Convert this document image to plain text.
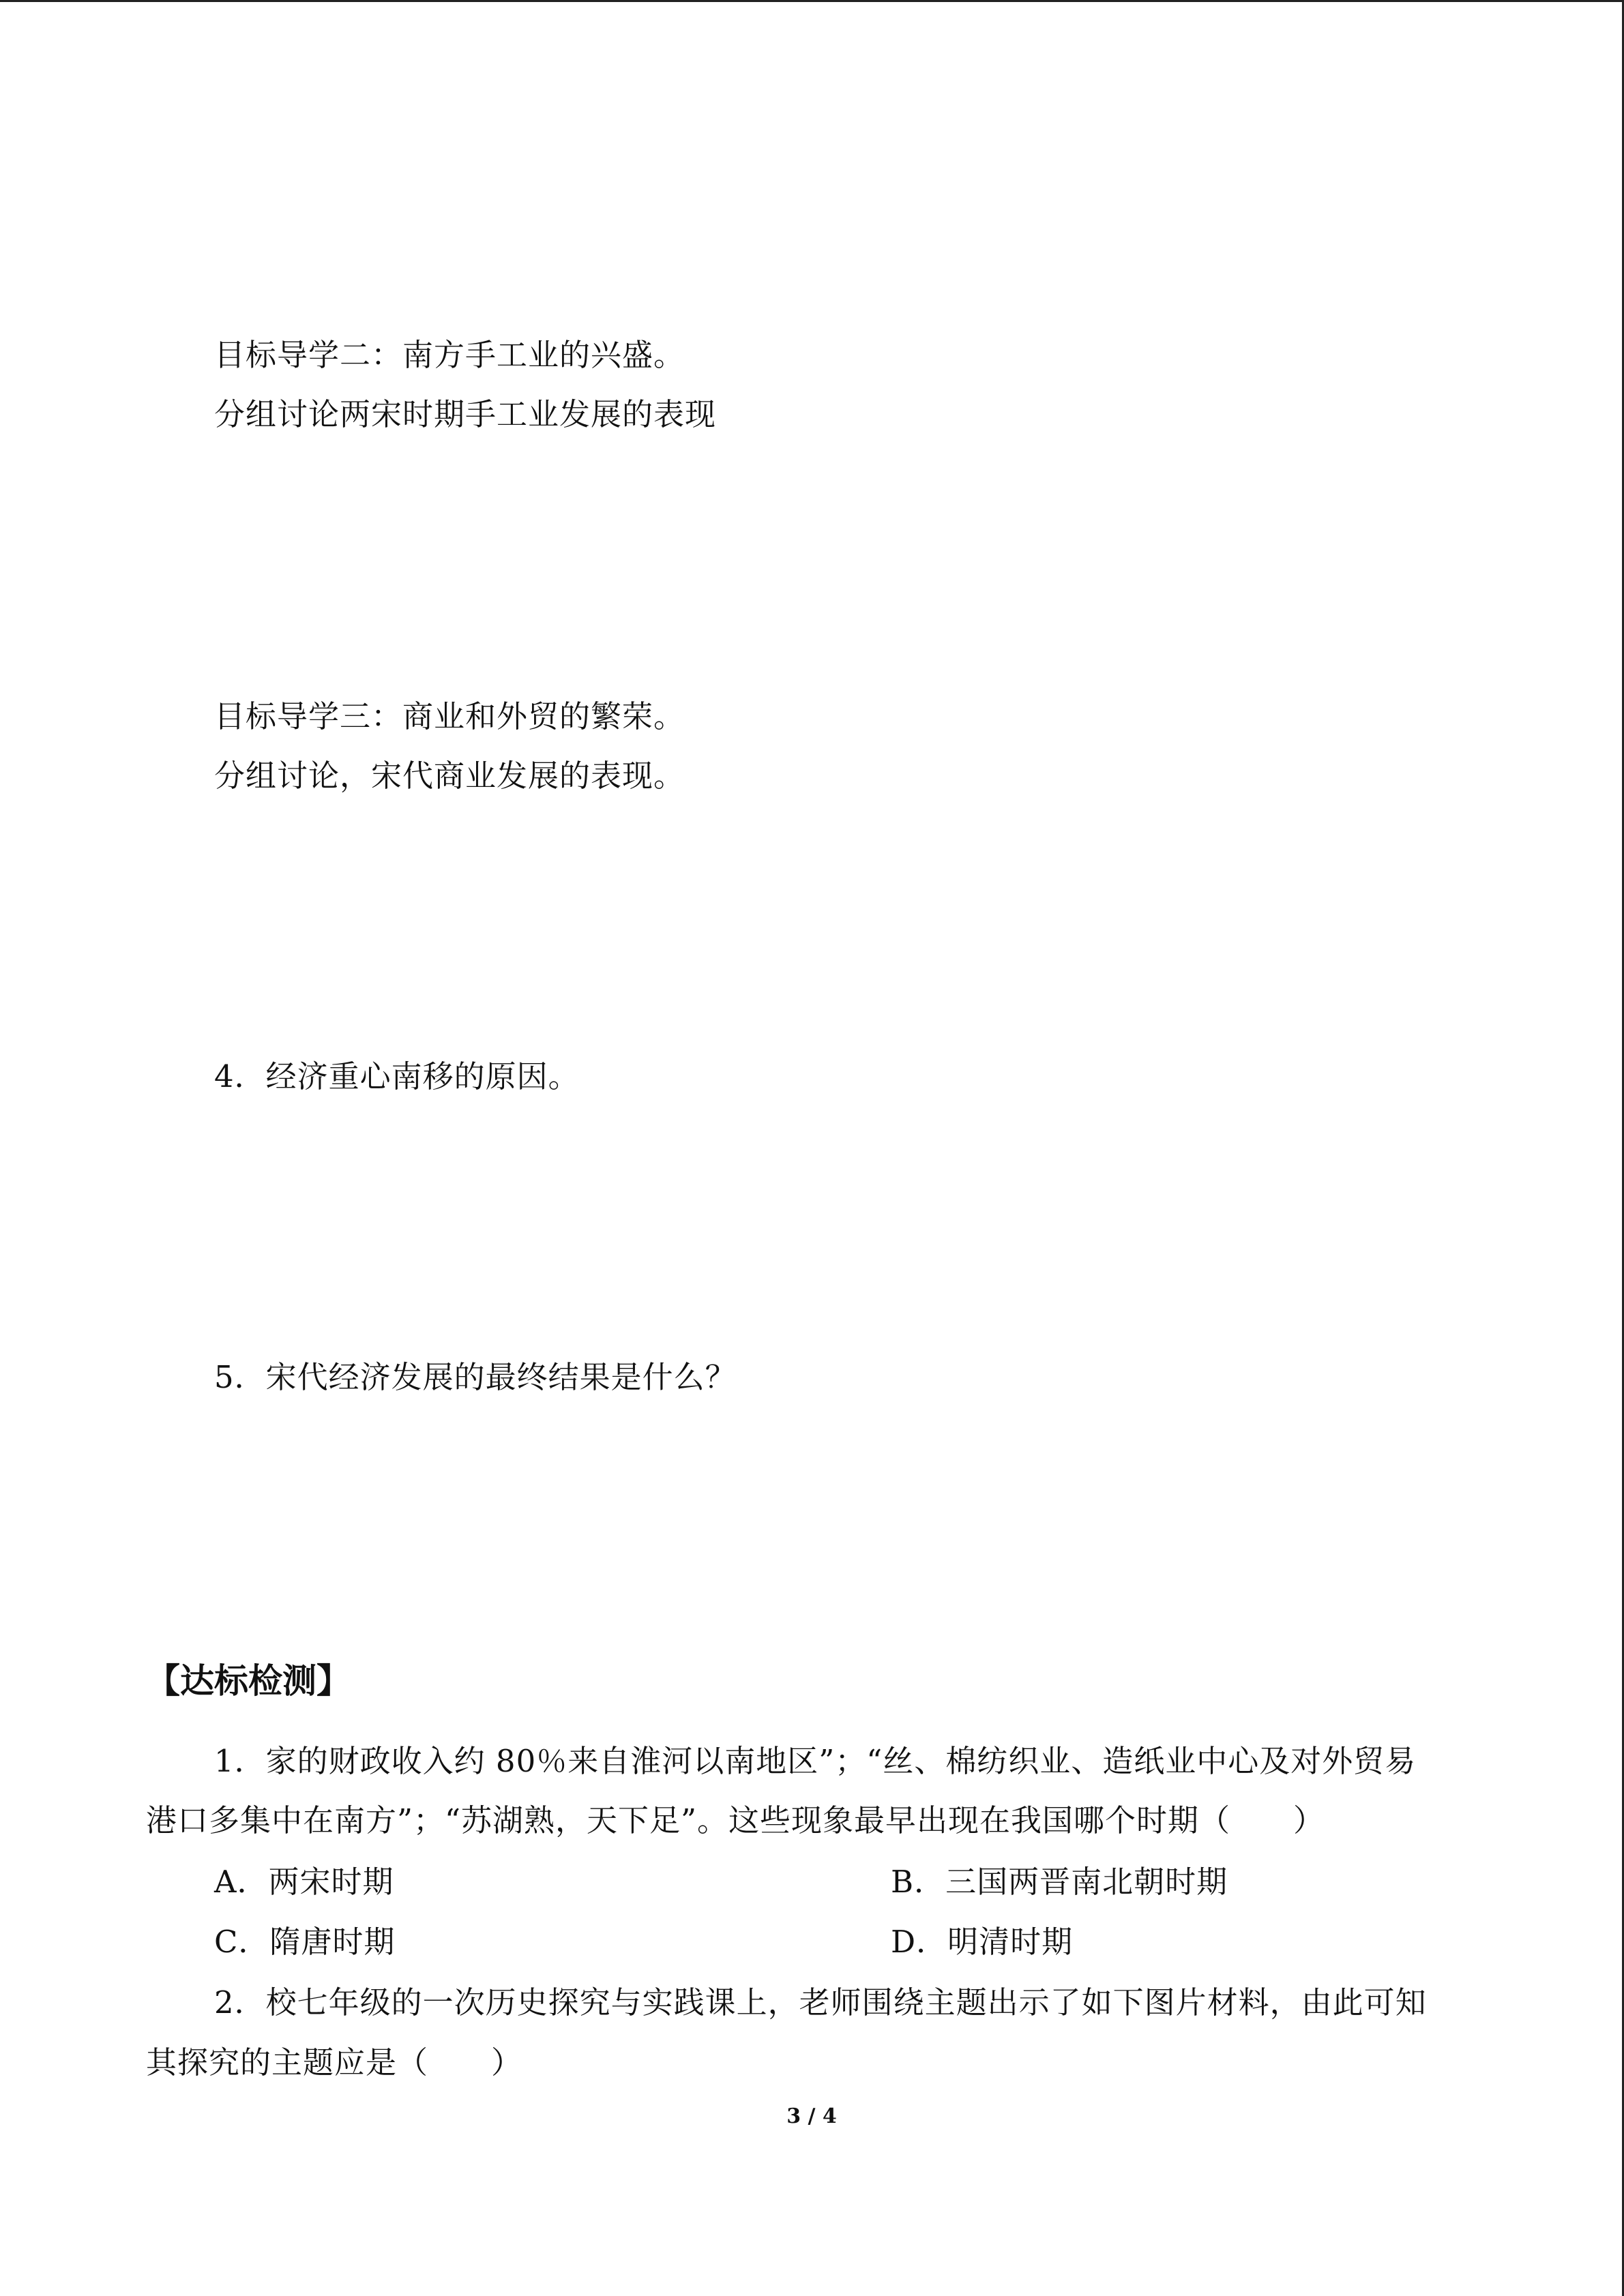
目标导学二：南方手工业的兴盛。
分组讨论两宋时期手工业发展的表现
目标导学三：商业和外贸的繁荣。
分组讨论，宋代商业发展的表现。
4．经济重心南移的原因。
5．宋代经济发展的最终结果是什么？
【达标检测】
1．家的财政收入约 80％来自淮河以南地区”；“丝、棉纺织业、造纸业中心及对外贸易
港口多集中在南方”；“苏湖熟，天下足”。这些现象最早出现在我国哪个时期（　　）
A．两宋时期	B．三国两晋南北朝时期
C．隋唐时期	D．明清时期
2．校七年级的一次历史探究与实践课上，老师围绕主题出示了如下图片材料，由此可知
其探究的主题应是（　　）
3 / 4
